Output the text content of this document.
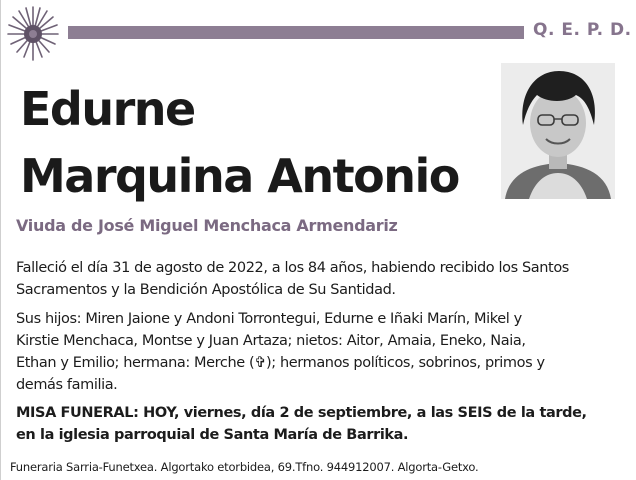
Q. E. P. D.
Edurne
Marquina Antonio
Viuda de José Miguel Menchaca Armendariz
Falleció el día 31 de agosto de 2022, a los 84 años, habiendo recibido los Santos
Sacramentos y la Bendición Apostólica de Su Santidad.
Sus hijos: Miren Jaione y Andoni Torrontegui, Edurne e Iñaki Marín, Mikel y
Kirstie Menchaca, Montse y Juan Artaza; nietos: Aitor, Amaia, Eneko, Naia,
Ethan y Emilio; hermana: Merche (✞); hermanos políticos, sobrinos, primos y
demás familia.
MISA FUNERAL: HOY, viernes, día 2 de septiembre, a las SEIS de la tarde,
en la iglesia parroquial de Santa María de Barrika.
Funeraria Sarria-Funetxea. Algortako etorbidea, 69.Tfno. 944912007. Algorta-Getxo.
